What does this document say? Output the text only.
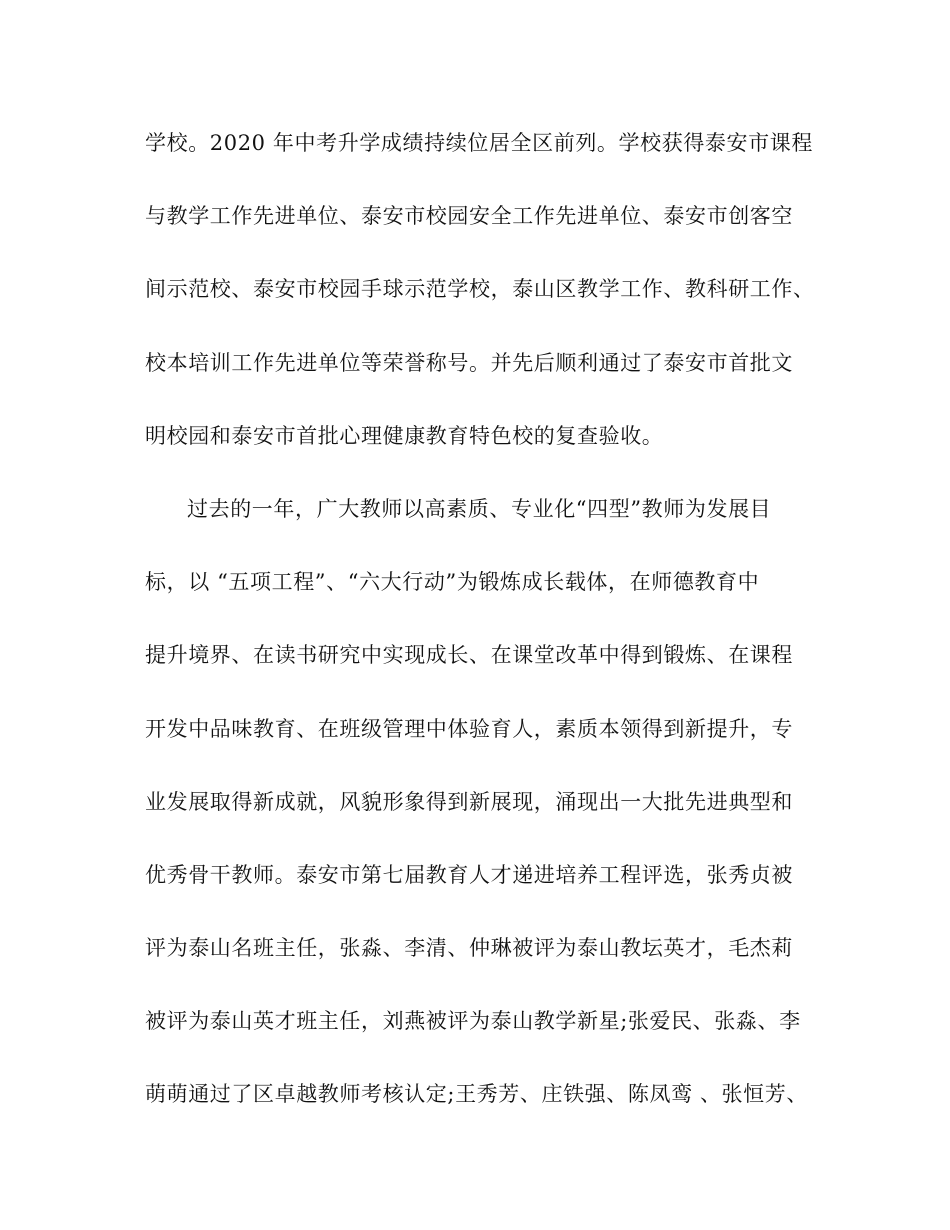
学校。2020 年中考升学成绩持续位居全区前列。学校获得泰安市课程
与教学工作先进单位、泰安市校园安全工作先进单位、泰安市创客空
间示范校、泰安市校园手球示范学校，泰山区教学工作、教科研工作、
校本培训工作先进单位等荣誉称号。并先后顺利通过了泰安市首批文
明校园和泰安市首批心理健康教育特色校的复查验收。
过去的一年，广大教师以高素质、专业化“四型”教师为发展目
标，以 “五项工程”、“六大行动”为锻炼成长载体，在师德教育中
提升境界、在读书研究中实现成长、在课堂改革中得到锻炼、在课程
开发中品味教育、在班级管理中体验育人，素质本领得到新提升，专
业发展取得新成就，风貌形象得到新展现，涌现出一大批先进典型和
优秀骨干教师。泰安市第七届教育人才递进培养工程评选，张秀贞被
评为泰山名班主任，张淼、李清、仲琳被评为泰山教坛英才，毛杰莉
被评为泰山英才班主任，刘燕被评为泰山教学新星;张爱民、张淼、李
萌萌通过了区卓越教师考核认定;王秀芳、庄铁强、陈凤鸾 、张恒芳、
